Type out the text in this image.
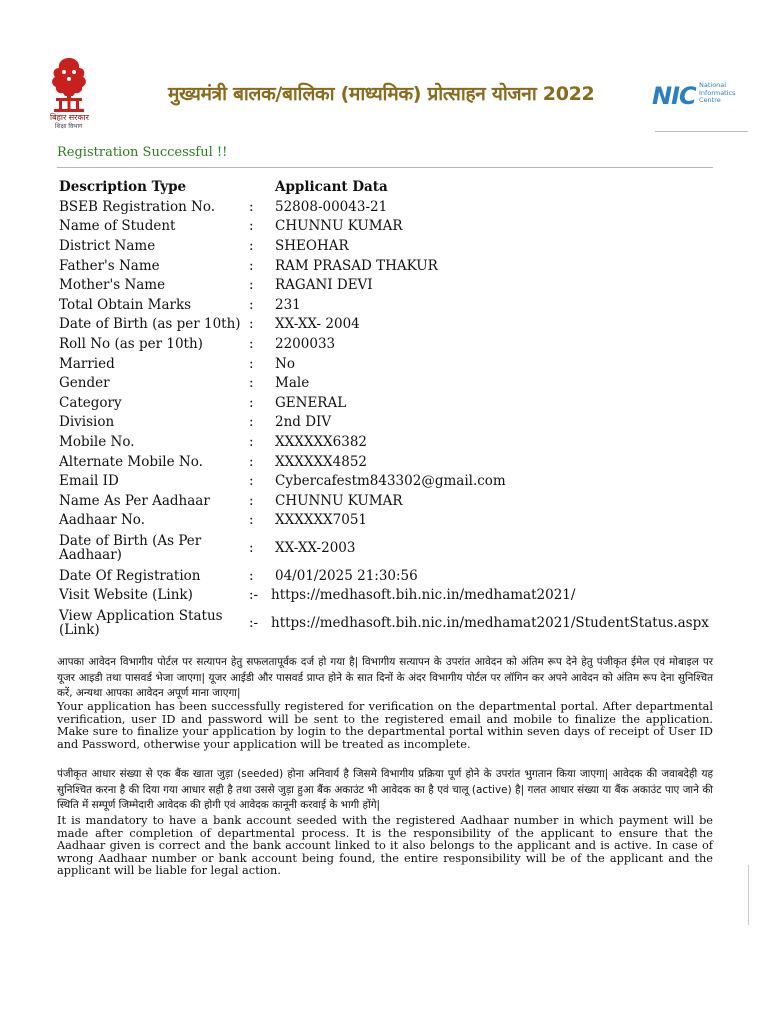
बिहार सरकार
शिक्षा विभाग
मुख्यमंत्री बालक/बालिका (माध्यमिक) प्रोत्साहन योजना 2022 NIC National
Informatics
Centre
Registration Successful !!
Description Type	Applicant Data
BSEB Registration No.	:	52808-00043-21
Name of Student	:	CHUNNU KUMAR
District Name	:	SHEOHAR
Father's Name	:	RAM PRASAD THAKUR
Mother's Name	:	RAGANI DEVI
Total Obtain Marks	:	231
Date of Birth (as per 10th) :	XX-XX- 2004
Roll No (as per 10th)	:	2200033
Married	:	No
Gender	:	Male
Category	:	GENERAL
Division	:	2nd DIV
Mobile No.	:	XXXXXX6382
Alternate Mobile No.	:	XXXXXX4852
Email ID	:	Cybercafestm843302@gmail.com
Name As Per Aadhaar	:	CHUNNU KUMAR
Aadhaar No.	:	XXXXXX7051
Date of Birth (As Per Aadhaar)	:	XX-XX-2003
Date Of Registration	:	04/01/2025 21:30:56
Visit Website (Link)	:- https://medhasoft.bih.nic.in/medhamat2021/
View Application Status (Link)	:- https://medhasoft.bih.nic.in/medhamat2021/StudentStatus.aspx
आपका आवेदन विभागीय पोर्टल पर सत्यापन हेतु सफलतापूर्वक दर्ज हो गया है| विभागीय सत्यापन के उपरांत आवेदन को अंतिम रूप देने हेतु पंजीकृत ईमेल एवं मोबाइल पर यूजर आइडी तथा पासवर्ड भेजा जाएगा| यूजर आईडी और पासवर्ड प्राप्त होने के सात दिनों के अंदर विभागीय पोर्टल पर लॉगिन कर अपने आवेदन को अंतिम रूप देना सुनिश्चित करें, अन्यथा आपका आवेदन अपूर्ण माना जाएगा|
Your application has been successfully registered for verification on the departmental portal. After departmental verification, user ID and password will be sent to the registered email and mobile to finalize the application. Make sure to finalize your application by login to the departmental portal within seven days of receipt of User ID and Password, otherwise your application will be treated as incomplete.
पंजीकृत आधार संख्या से एक बैंक खाता जुड़ा (seeded) होना अनिवार्य है जिसमे विभागीय प्रक्रिया पूर्ण होने के उपरांत भुगतान किया जाएगा| आवेदक की जवाबदेही यह सुनिश्चित करना है की दिया गया आधार सही है तथा उससे जुड़ा हुआ बैंक अकाउंट भी आवेदक का है एवं चालू (active) है| गलत आधार संख्या या बैंक अकाउंट पाए जाने की स्थिति में सम्पूर्ण जिम्मेदारी आवेदक की होगी एवं आवेदक कानूनी करवाई के भागी होंगे|
It is mandatory to have a bank account seeded with the registered Aadhaar number in which payment will be made after completion of departmental process. It is the responsibility of the applicant to ensure that the Aadhaar given is correct and the bank account linked to it also belongs to the applicant and is active. In case of wrong Aadhaar number or bank account being found, the entire responsibility will be of the applicant and the applicant will be liable for legal action.
